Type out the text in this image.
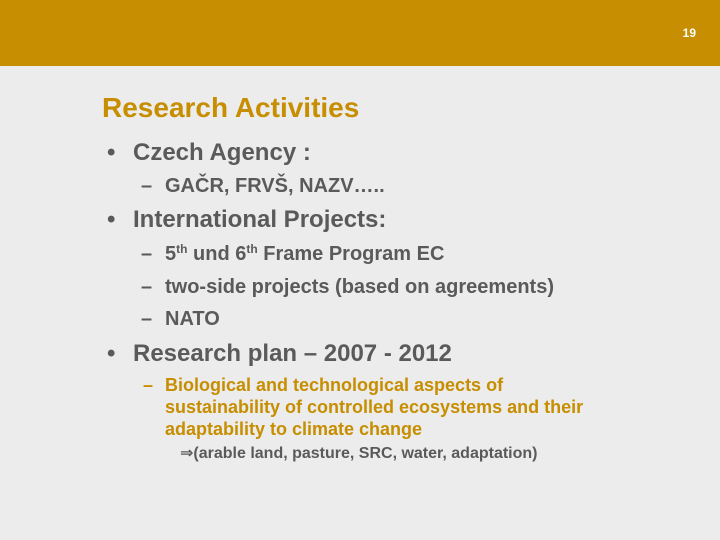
19
Research Activities
• Czech Agency :
– GAČR, FRVŠ, NAZV…..
• International Projects:
– 5th und 6th Frame Program EC
– two-side projects (based on agreements)
– NATO
• Research plan – 2007 - 2012
– Biological and technological aspects of
sustainability of controlled ecosystems and their
adaptability to climate change
⇒(arable land, pasture, SRC, water, adaptation)
